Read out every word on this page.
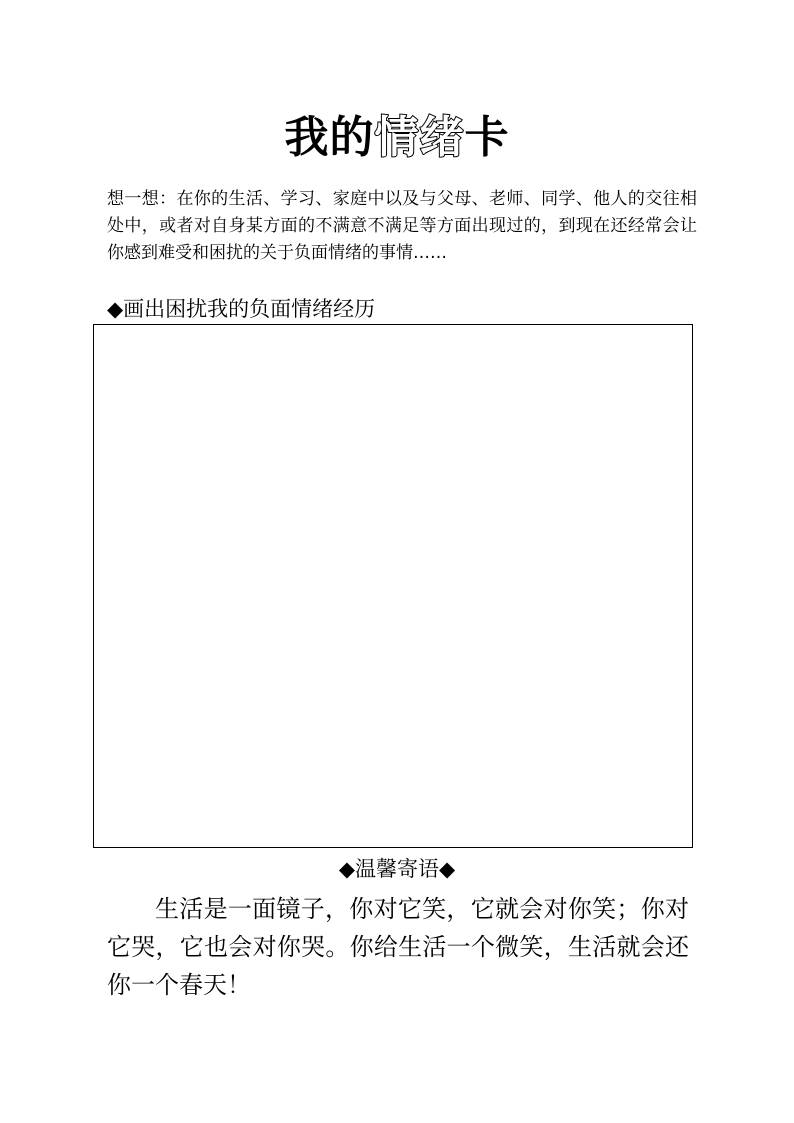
我的情绪卡
想一想：在你的生活、学习、家庭中以及与父母、老师、同学、他人的交往相处中，或者对自身某方面的不满意不满足等方面出现过的，到现在还经常会让你感到难受和困扰的关于负面情绪的事情……
◆画出困扰我的负面情绪经历
◆温馨寄语◆
生活是一面镜子，你对它笑，它就会对你笑；你对它哭，它也会对你哭。你给生活一个微笑，生活就会还你一个春天！
